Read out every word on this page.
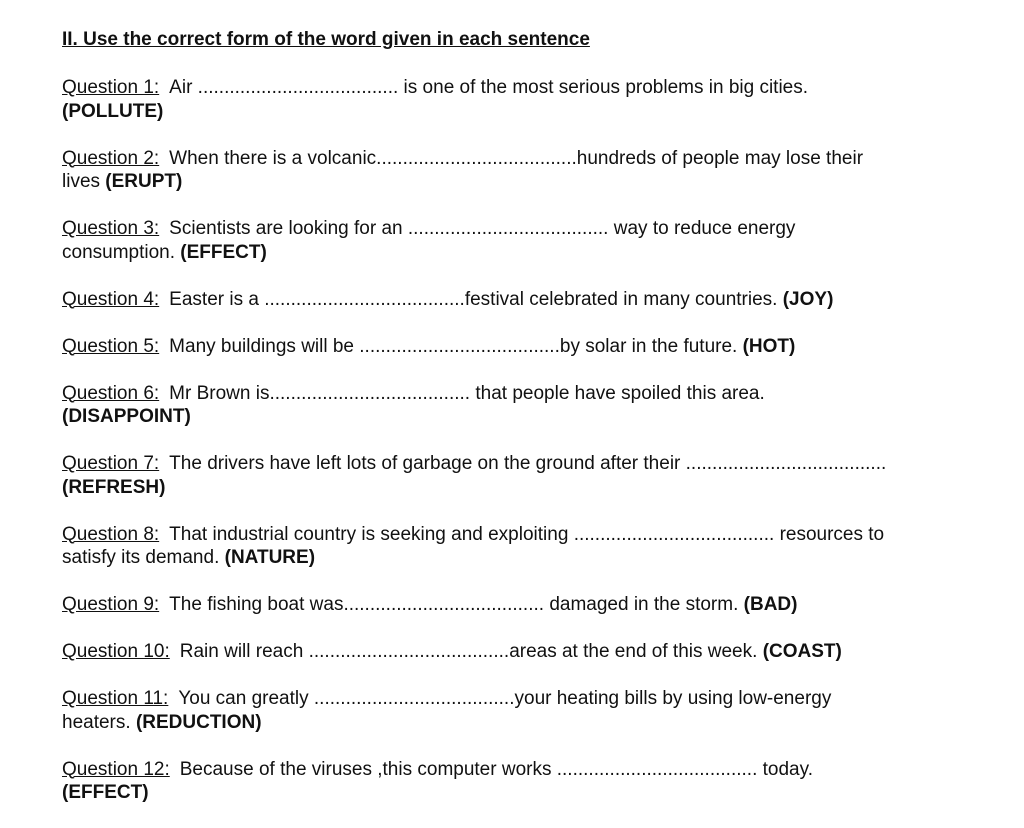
II. Use the correct form of the word given in each sentence
Question 1: Air ...................................... is one of the most serious problems in big cities.
(POLLUTE)
Question 2: When there is a volcanic......................................hundreds of people may lose their
lives (ERUPT)
Question 3: Scientists are looking for an ...................................... way to reduce energy
consumption. (EFFECT)
Question 4: Easter is a ......................................festival celebrated in many countries. (JOY)
Question 5: Many buildings will be ......................................by solar in the future. (HOT)
Question 6: Mr Brown is...................................... that people have spoiled this area.
(DISAPPOINT)
Question 7: The drivers have left lots of garbage on the ground after their ......................................
(REFRESH)
Question 8: That industrial country is seeking and exploiting ...................................... resources to
satisfy its demand. (NATURE)
Question 9: The fishing boat was...................................... damaged in the storm. (BAD)
Question 10: Rain will reach ......................................areas at the end of this week. (COAST)
Question 11: You can greatly ......................................your heating bills by using low-energy
heaters. (REDUCTION)
Question 12: Because of the viruses ,this computer works ...................................... today.
(EFFECT)
